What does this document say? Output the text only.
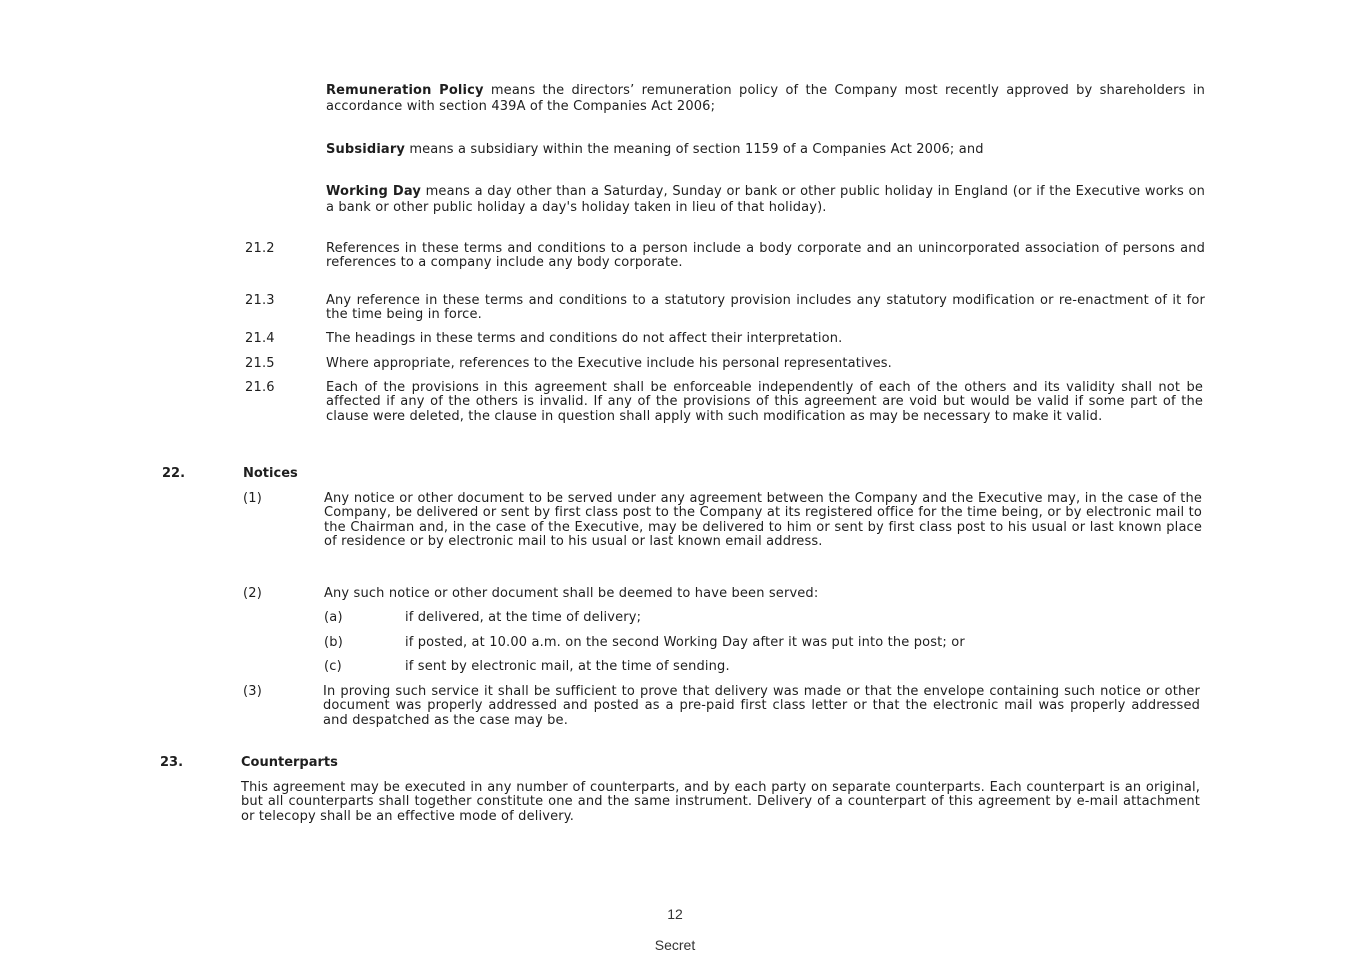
Remuneration Policy means the directors’ remuneration policy of the Company most recently approved by shareholders in accordance with section 439A of the Companies Act 2006;

Subsidiary means a subsidiary within the meaning of section 1159 of a Companies Act 2006; and

Working Day means a day other than a Saturday, Sunday or bank or other public holiday in England (or if the Executive works on a bank or other public holiday a day's holiday taken in lieu of that holiday).

21.2	References in these terms and conditions to a person include a body corporate and an unincorporated association of persons and references to a company include any body corporate.

21.3	Any reference in these terms and conditions to a statutory provision includes any statutory modification or re-enactment of it for the time being in force.

21.4	The headings in these terms and conditions do not affect their interpretation.

21.5	Where appropriate, references to the Executive include his personal representatives.

21.6	Each of the provisions in this agreement shall be enforceable independently of each of the others and its validity shall not be affected if any of the others is invalid. If any of the provisions of this agreement are void but would be valid if some part of the clause were deleted, the clause in question shall apply with such modification as may be necessary to make it valid.

22.	Notices
(1)	Any notice or other document to be served under any agreement between the Company and the Executive may, in the case of the Company, be delivered or sent by first class post to the Company at its registered office for the time being, or by electronic mail to the Chairman and, in the case of the Executive, may be delivered to him or sent by first class post to his usual or last known place of residence or by electronic mail to his usual or last known email address.

(2)	Any such notice or other document shall be deemed to have been served:
(a)	if delivered, at the time of delivery;
(b)	if posted, at 10.00 a.m. on the second Working Day after it was put into the post; or
(c)	if sent by electronic mail, at the time of sending.
(3)	In proving such service it shall be sufficient to prove that delivery was made or that the envelope containing such notice or other document was properly addressed and posted as a pre-paid first class letter or that the electronic mail was properly addressed and despatched as the case may be.

23.	Counterparts

This agreement may be executed in any number of counterparts, and by each party on separate counterparts. Each counterpart is an original, but all counterparts shall together constitute one and the same instrument. Delivery of a counterpart of this agreement by e-mail attachment or telecopy shall be an effective mode of delivery.

12
Secret
